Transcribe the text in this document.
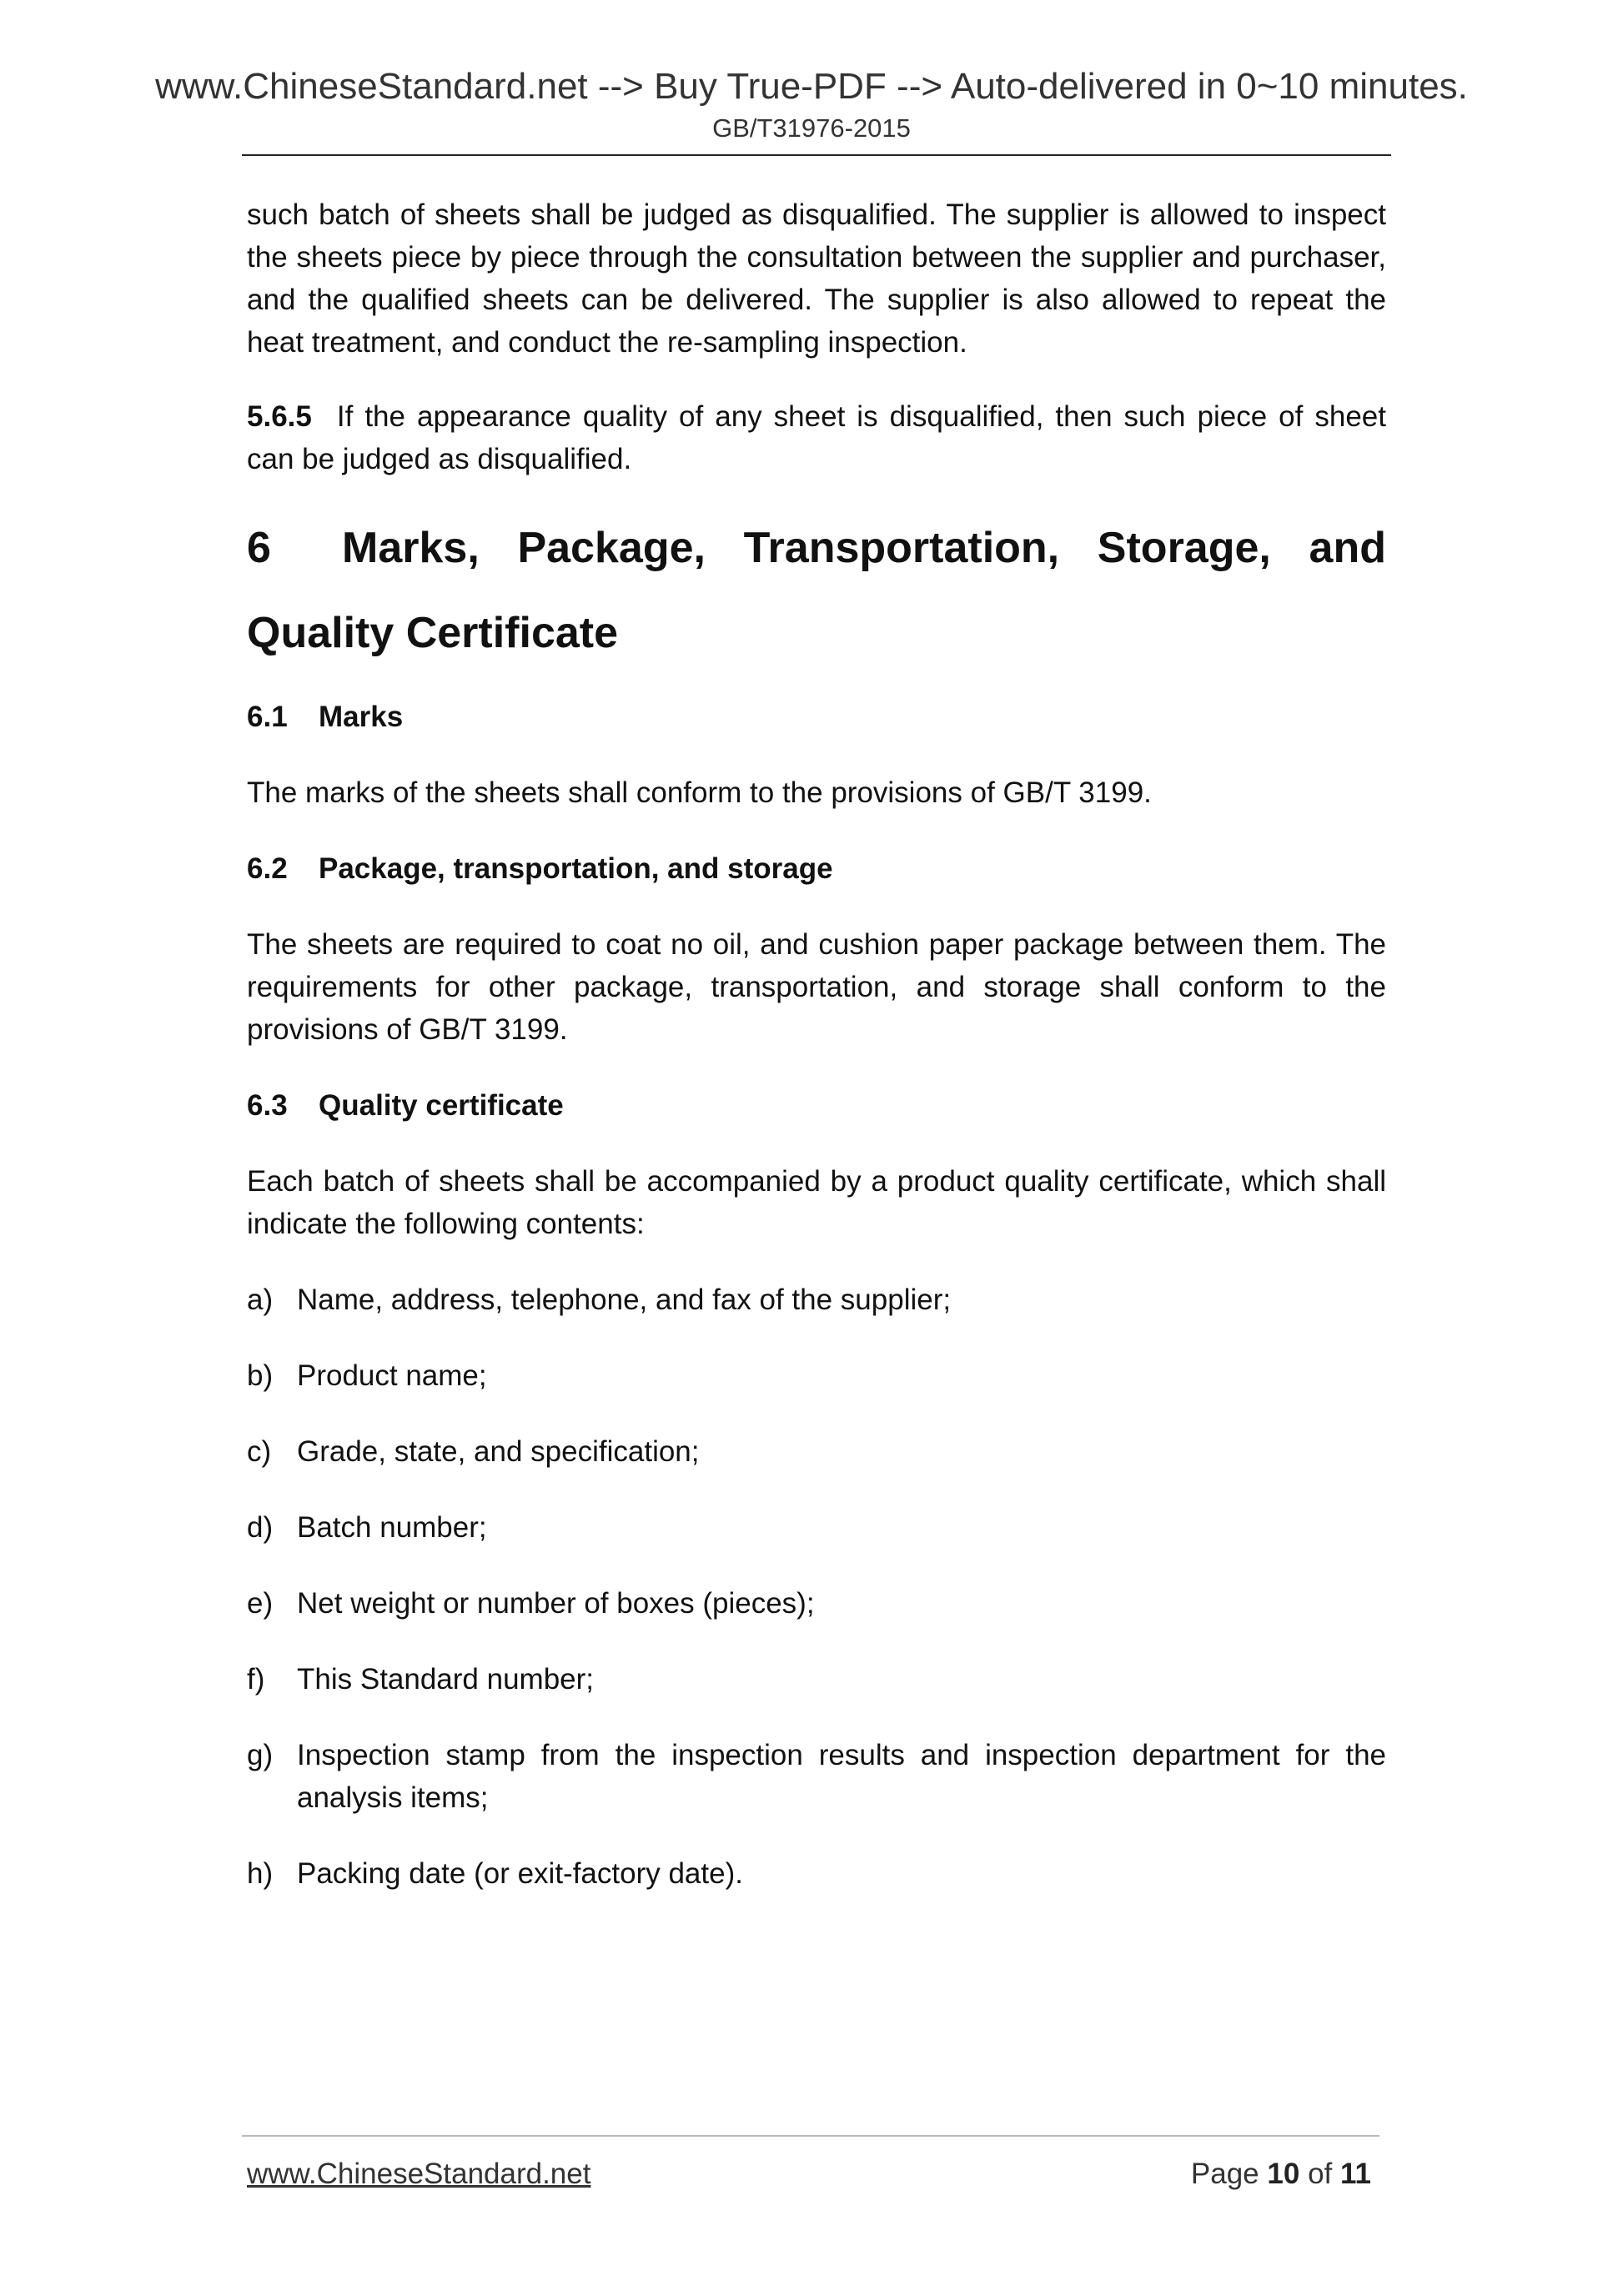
www.ChineseStandard.net --> Buy True-PDF --> Auto-delivered in 0~10 minutes.

GB/T31976-2015

such batch of sheets shall be judged as disqualified. The supplier is allowed to inspect the sheets piece by piece through the consultation between the supplier and purchaser, and the qualified sheets can be delivered. The supplier is also allowed to repeat the heat treatment, and conduct the re-sampling inspection.

5.6.5 If the appearance quality of any sheet is disqualified, then such piece of sheet can be judged as disqualified.

6 Marks, Package, Transportation, Storage, and Quality Certificate
6.1 Marks

The marks of the sheets shall conform to the provisions of GB/T 3199.

6.2 Package, transportation, and storage

The sheets are required to coat no oil, and cushion paper package between them. The requirements for other package, transportation, and storage shall conform to the provisions of GB/T 3199.

6.3 Quality certificate

Each batch of sheets shall be accompanied by a product quality certificate, which shall indicate the following contents:

a) Name, address, telephone, and fax of the supplier;

b) Product name;

c) Grade, state, and specification;

d) Batch number;

e) Net weight or number of boxes (pieces);

f) This Standard number;

g) Inspection stamp from the inspection results and inspection department for the analysis items;

h) Packing date (or exit-factory date).

www.ChineseStandard.net	Page 10 of 11
